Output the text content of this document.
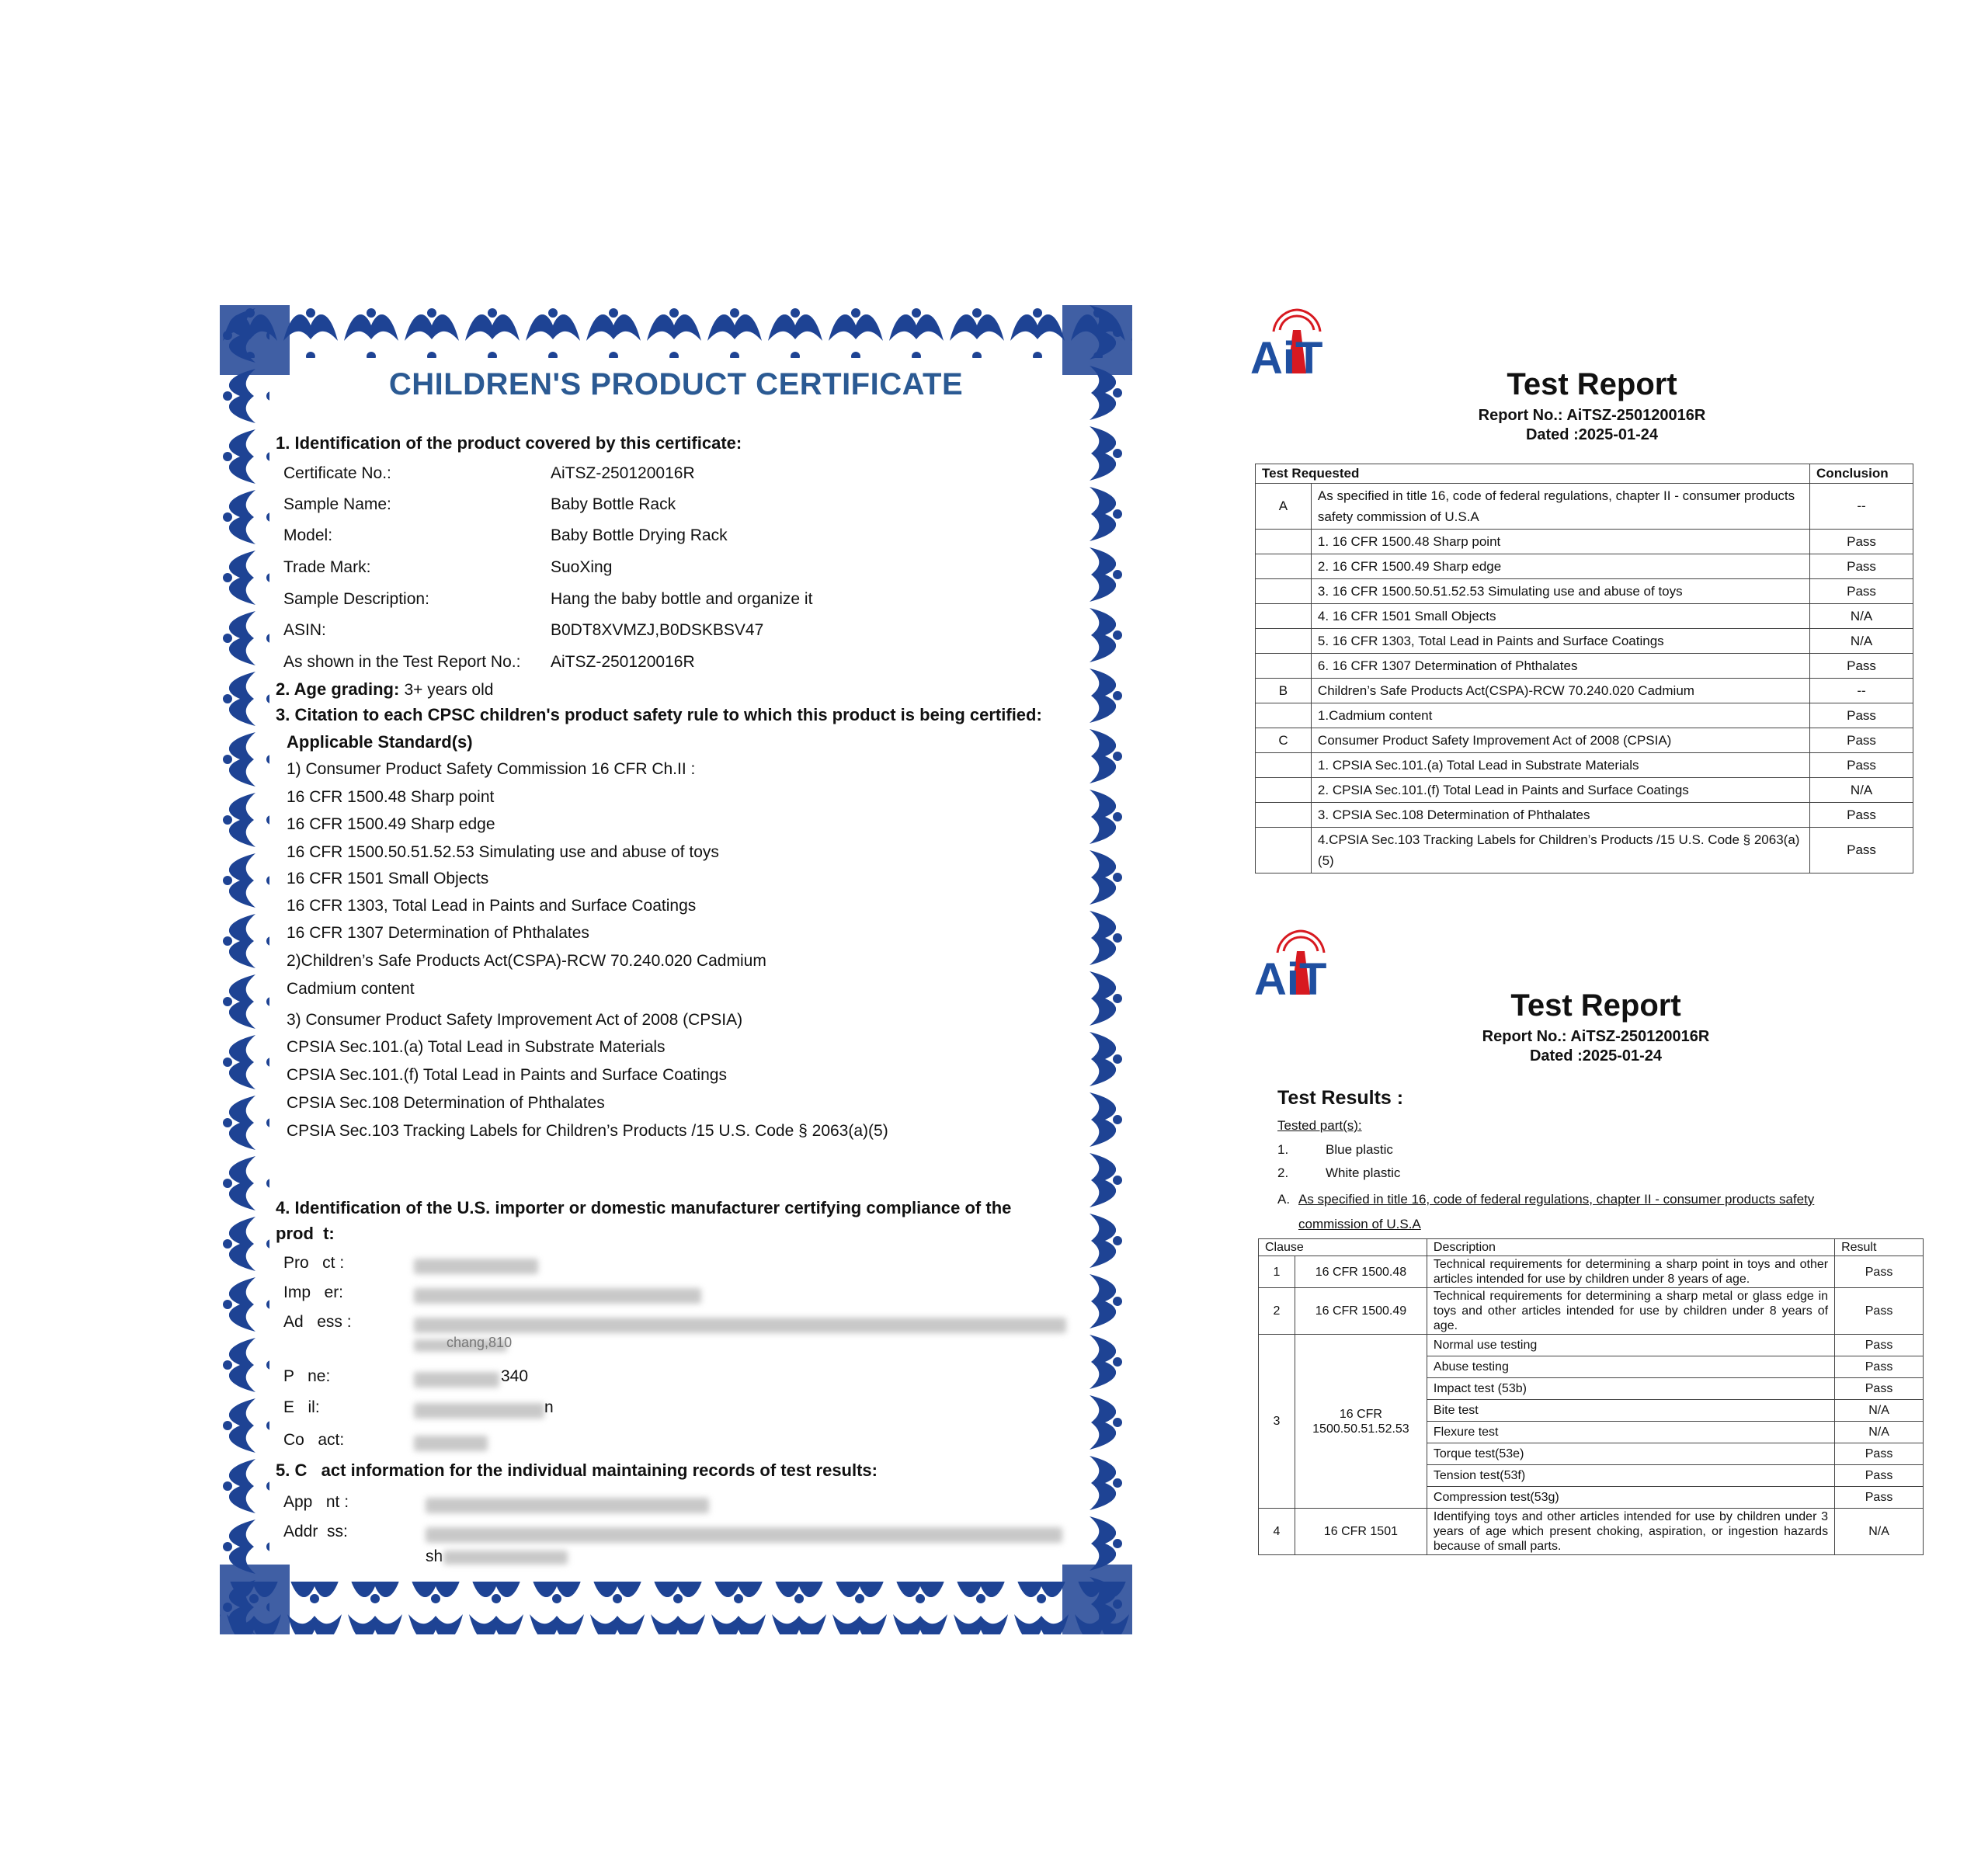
CHILDREN'S PRODUCT CERTIFICATE
1. Identification of the product covered by this certificate:
Certificate No.:	AiTSZ-250120016R
Sample Name:	Baby Bottle Rack
Model:	Baby Bottle Drying Rack
Trade Mark:	SuoXing
Sample Description:	Hang the baby bottle and organize it
ASIN:	B0DT8XVMZJ,B0DSKBSV47
As shown in the Test Report No.: AiTSZ-250120016R
2. Age grading: 3+ years old
3. Citation to each CPSC children's product safety rule to which this product is being certified:
Applicable Standard(s)
1) Consumer Product Safety Commission 16 CFR Ch.II :
16 CFR 1500.48 Sharp point
16 CFR 1500.49 Sharp edge
16 CFR 1500.50.51.52.53 Simulating use and abuse of toys
16 CFR 1501 Small Objects
16 CFR 1303, Total Lead in Paints and Surface Coatings
16 CFR 1307 Determination of Phthalates
2)Children’s Safe Products Act(CSPA)-RCW 70.240.020 Cadmium
Cadmium content
3) Consumer Product Safety Improvement Act of 2008 (CPSIA)
CPSIA Sec.101.(a) Total Lead in Substrate Materials
CPSIA Sec.101.(f) Total Lead in Paints and Surface Coatings
CPSIA Sec.108 Determination of Phthalates
CPSIA Sec.103 Tracking Labels for Children’s Products /15 U.S. Code § 2063(a)(5)
4. Identification of the U.S. importer or domestic manufacturer certifying compliance of the
prod  t:
Pro   ct :
Imp   er:
Ad   ess :
chang,810
P   ne:	340
E   il:	n
Co   act:
5. C   act information for the individual maintaining records of test results:
App   nt :
Addr  ss:
sh
AiT
Test Report
Report No.: AiTSZ-250120016R
Dated :2025-01-24
Test Requested		Conclusion
A	As specified in title 16, code of federal regulations, chapter II - consumer products safety commission of U.S.A	--
	1. 16 CFR 1500.48 Sharp point	Pass
	2. 16 CFR 1500.49 Sharp edge	Pass
	3. 16 CFR 1500.50.51.52.53 Simulating use and abuse of toys	Pass
	4. 16 CFR 1501 Small Objects	N/A
	5. 16 CFR 1303, Total Lead in Paints and Surface Coatings	N/A
	6. 16 CFR 1307 Determination of Phthalates	Pass
B	Children’s Safe Products Act(CSPA)-RCW 70.240.020 Cadmium	--
	1.Cadmium content	Pass
C	Consumer Product Safety Improvement Act of 2008 (CPSIA)	Pass
	1. CPSIA Sec.101.(a) Total Lead in Substrate Materials	Pass
	2. CPSIA Sec.101.(f) Total Lead in Paints and Surface Coatings	N/A
	3. CPSIA Sec.108 Determination of Phthalates	Pass
	4.CPSIA Sec.103 Tracking Labels for Children’s Products /15 U.S. Code § 2063(a)(5)	Pass
AiT
Test Report
Report No.: AiTSZ-250120016R
Dated :2025-01-24
Test Results :
Tested part(s):
1.	Blue plastic
2.	White plastic
A. As specified in title 16, code of federal regulations, chapter II - consumer products safety
commission of U.S.A
Clause		Description	Result
1	16 CFR 1500.48	Technical requirements for determining a sharp point in toys and other articles intended for use by children under 8 years of age.	Pass
2	16 CFR 1500.49	Technical requirements for determining a sharp metal or glass edge in toys and other articles intended for use by children under 8 years of age.	Pass
3	16 CFR 1500.50.51.52.53	Normal use testing	Pass
		Abuse testing	Pass
		Impact test (53b)	Pass
		Bite test	N/A
		Flexure test	N/A
		Torque test(53e)	Pass
		Tension test(53f)	Pass
		Compression test(53g)	Pass
4	16 CFR 1501	Identifying toys and other articles intended for use by children under 3 years of age which present choking, aspiration, or ingestion hazards because of small parts.	N/A
